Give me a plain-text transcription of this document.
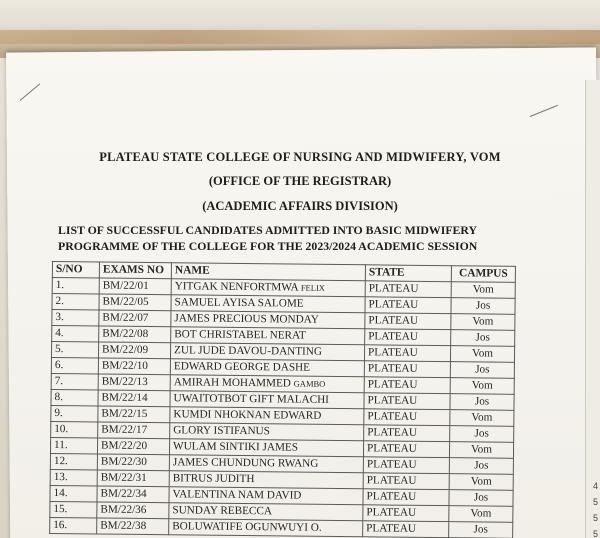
PLATEAU STATE COLLEGE OF NURSING AND MIDWIFERY, VOM
(OFFICE OF THE REGISTRAR)
(ACADEMIC AFFAIRS DIVISION)
LIST OF SUCCESSFUL CANDIDATES ADMITTED INTO BASIC MIDWIFERY
PROGRAMME OF THE COLLEGE FOR THE 2023/2024 ACADEMIC SESSION
S/NO	EXAMS NO	NAME	STATE	CAMPUS
1.	BM/22/01	YITGAK NENFORTMWA FELIX	PLATEAU	Vom
2.	BM/22/05	SAMUEL AYISA SALOME	PLATEAU	Jos
3.	BM/22/07	JAMES PRECIOUS MONDAY	PLATEAU	Vom
4.	BM/22/08	BOT CHRISTABEL NERAT	PLATEAU	Jos
5.	BM/22/09	ZUL JUDE DAVOU-DANTING	PLATEAU	Vom
6.	BM/22/10	EDWARD GEORGE DASHE	PLATEAU	Jos
7.	BM/22/13	AMIRAH MOHAMMED GAMBO	PLATEAU	Vom
8.	BM/22/14	UWAITOTBOT GIFT MALACHI	PLATEAU	Jos
9.	BM/22/15	KUMDI NHOKNAN EDWARD	PLATEAU	Vom
10.	BM/22/17	GLORY ISTIFANUS	PLATEAU	Jos
11.	BM/22/20	WULAM SINTIKI JAMES	PLATEAU	Vom
12.	BM/22/30	JAMES CHUNDUNG RWANG	PLATEAU	Jos
13.	BM/22/31	BITRUS JUDITH	PLATEAU	Vom
14.	BM/22/34	VALENTINA NAM DAVID	PLATEAU	Jos
15.	BM/22/36	SUNDAY REBECCA	PLATEAU	Vom
16.	BM/22/38	BOLUWATIFE OGUNWUYI O.	PLATEAU	Jos
4
5
5
5
